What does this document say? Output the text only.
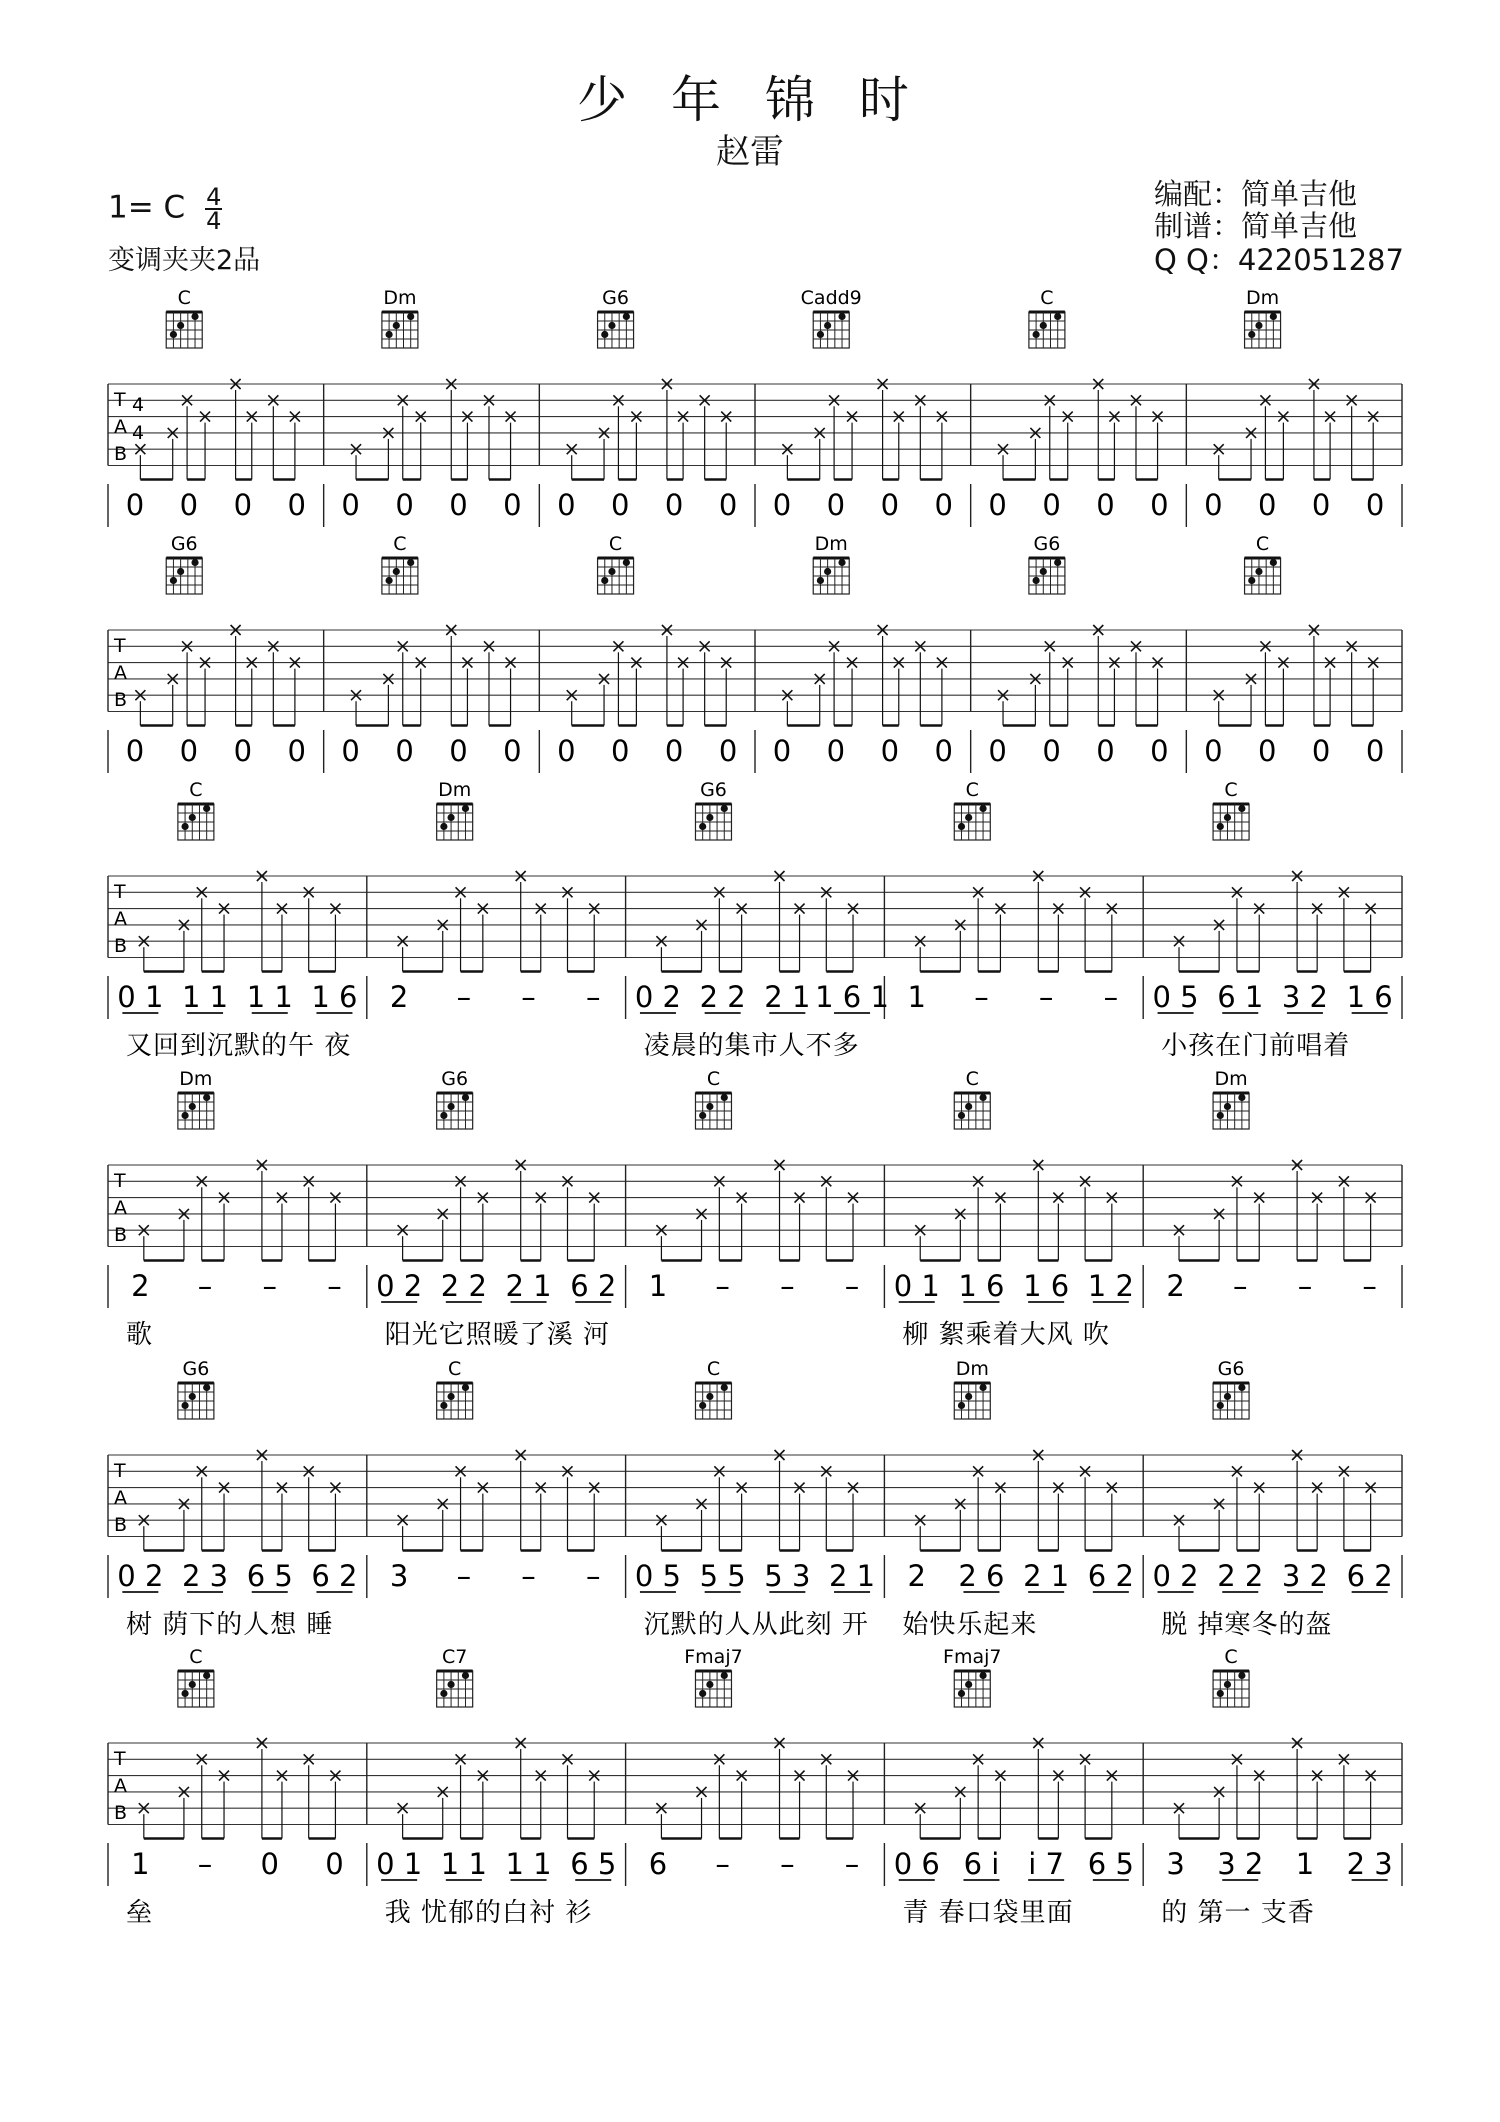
少 年 锦 时
赵雷
1= C $\frac{4}{4}$
变调夹夹2品
编配：简单吉他
制谱：简单吉他
Q Q：422051287
T
A
B
4
4
C
0 0 0 0
Dm
0 0 0 0
G6
0 0 0 0
Cadd9
0 0 0 0
C
0 0 0 0
Dm
0 0 0 0
T
A
B
G6
0 0 0 0
C
0 0 0 0
C
0 0 0 0
Dm
0 0 0 0
G6
0 0 0 0
C
0 0 0 0
T
A
B
C
0 1 1 1 1 1 1 6
又回到沉默的午 夜
Dm
2 – – –
G6
0 2 2 2 2 1 1 6 1
凌晨的集市人不多
C
1 – – –
C
0 5 6 1 3 2 1 6
小孩在门前唱着
T
A
B
Dm
2 – – –
歌
G6
0 2 2 2 2 1 6 2
阳光它照暖了溪 河
C
1 – – –
C
0 1 1 6 1 6 1 2
柳 絮乘着大风 吹
Dm
2 – – –
T
A
B
G6
0 2 2 3 6 5 6 2
树 荫下的人想 睡
C
3 – – –
C
0 5 5 5 5 3 2 1
沉默的人从此刻 开
Dm
2 2 6 2 1 6 2
始快乐起来
G6
0 2 2 2 3 2 6 2
脱 掉寒冬的盔
T
A
B
C
1 – 0 0
垒
C7
0 1 1 1 1 1 6 5
我 忧郁的白衬 衫
Fmaj7
6 – – –
Fmaj7
0 6 6 i i 7 6 5
青 春口袋里面
C
3 3 2 1 2 3
的 第一 支香
